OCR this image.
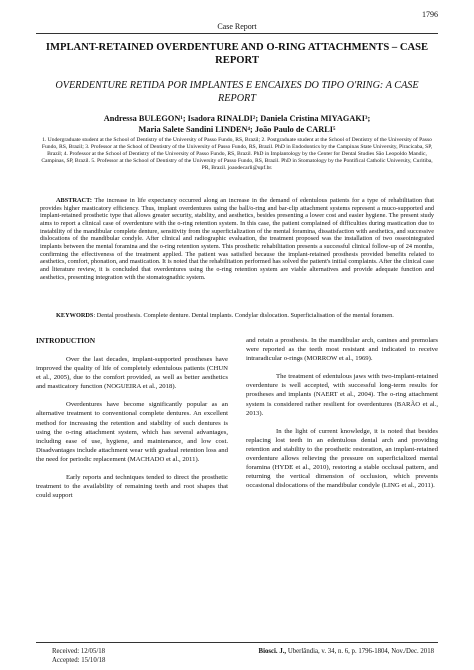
1796
Case Report
IMPLANT-RETAINED OVERDENTURE AND O-RING ATTACHMENTS – CASE REPORT
OVERDENTURE RETIDA POR IMPLANTES E ENCAIXES DO TIPO O'RING: A CASE REPORT
Andressa BULEGON¹; Isadora RINALDI²; Daniela Cristina MIYAGAKI³;
Maria Salete Sandini LINDEN⁴; João Paulo de CARLI⁵
1. Undergraduate student at the School of Dentistry of the University of Passo Fundo, RS, Brazil; 2. Postgraduate student at the School of Dentistry of the University of Passo Fundo, RS, Brazil; 3. Professor at the School of Dentistry of the University of Passo Fundo, RS, Brazil. PhD in Endodontics by the Campinas State University, Piracicaba, SP, Brazil; 4. Professor at the School of Dentistry of the University of Passo Fundo, RS, Brazil. PhD in Implantology by the Center for Dental Studies São Leopoldo Mandic, Campinas, SP, Brazil. 5. Professor at the School of Dentistry of the University of Passo Fundo, RS, Brazil. PhD in Stomatology by the Pontifical Catholic University, Curitiba, PR, Brazil. joaodecarli@upf.br.

ABSTRACT: The increase in life expectancy occurred along an increase in the demand of edentulous patients for a type of rehabilitation that provides higher masticatory efficiency. Thus, implant overdentures using the ball/o-ring and bar-clip attachment systems represent a muco-supported and implant-retained prosthetic type that allows greater security, stability, and aesthetics, besides presenting a lower cost and easier hygiene. The present study aims to report a clinical case of overdenture with the o-ring retention system. In this case, the patient complained of difficulties during mastication due to instability of the mandibular complete denture, sensitivity from the superficialization of the mental foramina, dissatisfaction with aesthetics, and successive dislocations of the mandibular condyle. After clinical and radiographic evaluation, the treatment proposed was the installation of two osseointegrated implants between the mental foramina and the o-ring retention system. This prosthetic rehabilitation presents a successful clinical follow-up of 24 months, confirming the effectiveness of the treatment applied. The patient was satisfied because the implant-retained prosthesis provided benefits related to aesthetics, comfort, phonation, and mastication. It is noted that the rehabilitation performed has solved the patient's initial complaints. After the clinical case and literature review, it is concluded that overdentures using the o-ring retention system are viable alternatives and provide adequate function and aesthetics, presenting integration with the stomatognathic system.

KEYWORDS: Dental prosthesis. Complete denture. Dental implants. Condylar dislocation. Superficialisation of the mental foramen.
INTRODUCTION

Over the last decades, implant-supported prostheses have improved the quality of life of completely edentulous patients (CHUN et al., 2005), due to the comfort provided, as well as better aesthetics and masticatory function (NOGUEIRA et al., 2018).

Overdentures have become significantly popular as an alternative treatment to conventional complete dentures. An excellent method for increasing the retention and stability of such dentures is using the o-ring attachment system, which has several advantages, including ease of use, hygiene, and maintenance, and low cost. Disadvantages include attachment wear with gradual retention loss and the need for periodic replacement (MACHADO et al., 2011).

Early reports and techniques tended to direct the prosthetic treatment to the availability of remaining teeth and root shapes that could support

and retain a prosthesis. In the mandibular arch, canines and premolars were reported as the teeth most resistant and indicated to receive intraradicular o-rings (MORROW et al., 1969).

The treatment of edentulous jaws with two-implant-retained overdenture is well accepted, with successful long-term results for prostheses and implants (NAERT et al., 2004). The o-ring attachment system is considered rather resilient for overdentures (BARÃO et al., 2013).

In the light of current knowledge, it is noted that besides replacing lost teeth in an edentulous dental arch and providing retention and stability to the prosthetic restoration, an implant-retained overdenture allows relieving the pressure on superficialized mental foramina (HYDE et al., 2010), restoring a stable occlusal pattern, and returning the vertical dimension of occlusion, which prevents occasional dislocations of the mandibular condyle (LING et al., 2011).

Received: 12/05/18
Accepted: 15/10/18
Biosci. J., Uberlândia, v. 34, n. 6, p. 1796-1804, Nov./Dec. 2018
